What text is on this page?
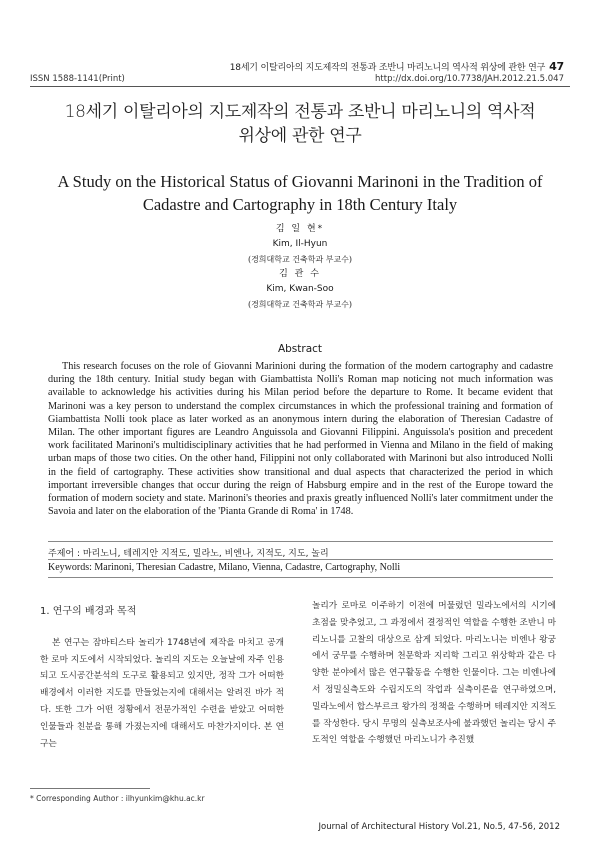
18세기 이탈리아의 지도제작의 전통과 조반니 마리노니의 역사적 위상에 관한 연구 47
ISSN 1588-1141(Print)	http://dx.doi.org/10.7738/JAH.2012.21.5.047
18세기 이탈리아의 지도제작의 전통과 조반니 마리노니의 역사적
위상에 관한 연구
A Study on the Historical Status of Giovanni Marinoni in the Tradition of
Cadastre and Cartography in 18th Century Italy
김 일 현*
Kim, Il-Hyun
(경희대학교 건축학과 부교수)
김 관 수
Kim, Kwan-Soo
(경희대학교 건축학과 부교수)
Abstract

This research focuses on the role of Giovanni Marinioni during the formation of the modern cartography and cadastre during the 18th century. Initial study began with Giambattista Nolli's Roman map noticing not much information was available to acknowledge his activities during his Milan period before the departure to Rome. It became evident that Marinoni was a key person to understand the complex circumstances in which the professional training and formation of Giambattista Nolli took place as later worked as an anonymous intern during the elaboration of Theresian Cadastre of Milan. The other important figures are Leandro Anguissola and Giovanni Filippini. Anguissola's position and precedent work facilitated Marinoni's multidisciplinary activities that he had performed in Vienna and Milano in the field of making urban maps of those two cities. On the other hand, Filippini not only collaborated with Marinoni but also introduced Nolli in the field of cartography. These activities show transitional and dual aspects that characterized the period in which important irreversible changes that occur during the reign of Habsburg empire and in the rest of the Europe toward the formation of modern society and state. Marinoni's theories and praxis greatly influenced Nolli's later commitment under the Savoia and later on the elaboration of the 'Pianta Grande di Roma' in 1748.

주제어 : 마리노니, 테레지안 지적도, 밀라노, 비엔나, 지적도, 지도, 놀리
Keywords: Marinoni, Theresian Cadastre, Milano, Vienna, Cadastre, Cartography, Nolli
1. 연구의 배경과 목적

본 연구는 잠바티스타 놀리가 1748년에 제작을 마치고 공개한 로마 지도에서 시작되었다. 놀리의 지도는 오늘날에 자주 인용되고 도시공간분석의 도구로 활용되고 있지만, 정작 그가 어떠한 배경에서 이러한 지도를 만들었는지에 대해서는 알려진 바가 적다. 또한 그가 어떤 정황에서 전문가적인 수련을 받았고 어떠한 인물들과 친분을 통해 가졌는지에 대해서도 마찬가지이다. 본 연구는

놀리가 로마로 이주하기 이전에 머물렀던 밀라노에서의 시기에 초점을 맞추었고, 그 과정에서 결정적인 역할을 수행한 조반니 마리노니를 고찰의 대상으로 삼게 되었다. 마리노니는 비엔나 왕궁에서 궁무를 수행하며 천문학과 지리학 그리고 위상학과 같은 다양한 분야에서 많은 연구활동을 수행한 인물이다. 그는 비엔나에서 정밀실측도와 수립지도의 작업과 실측이론을 연구하였으며, 밀라노에서 합스부르크 왕가의 정책을 수행하며 테레지안 지적도를 작성한다. 당시 무명의 실측보조사에 불과했던 놀리는 당시 주도적인 역할을 수행했던 마리노니가 추진했

* Corresponding Author : ilhyunkim@khu.ac.kr
Journal of Architectural History Vol.21, No.5, 47-56, 2012
